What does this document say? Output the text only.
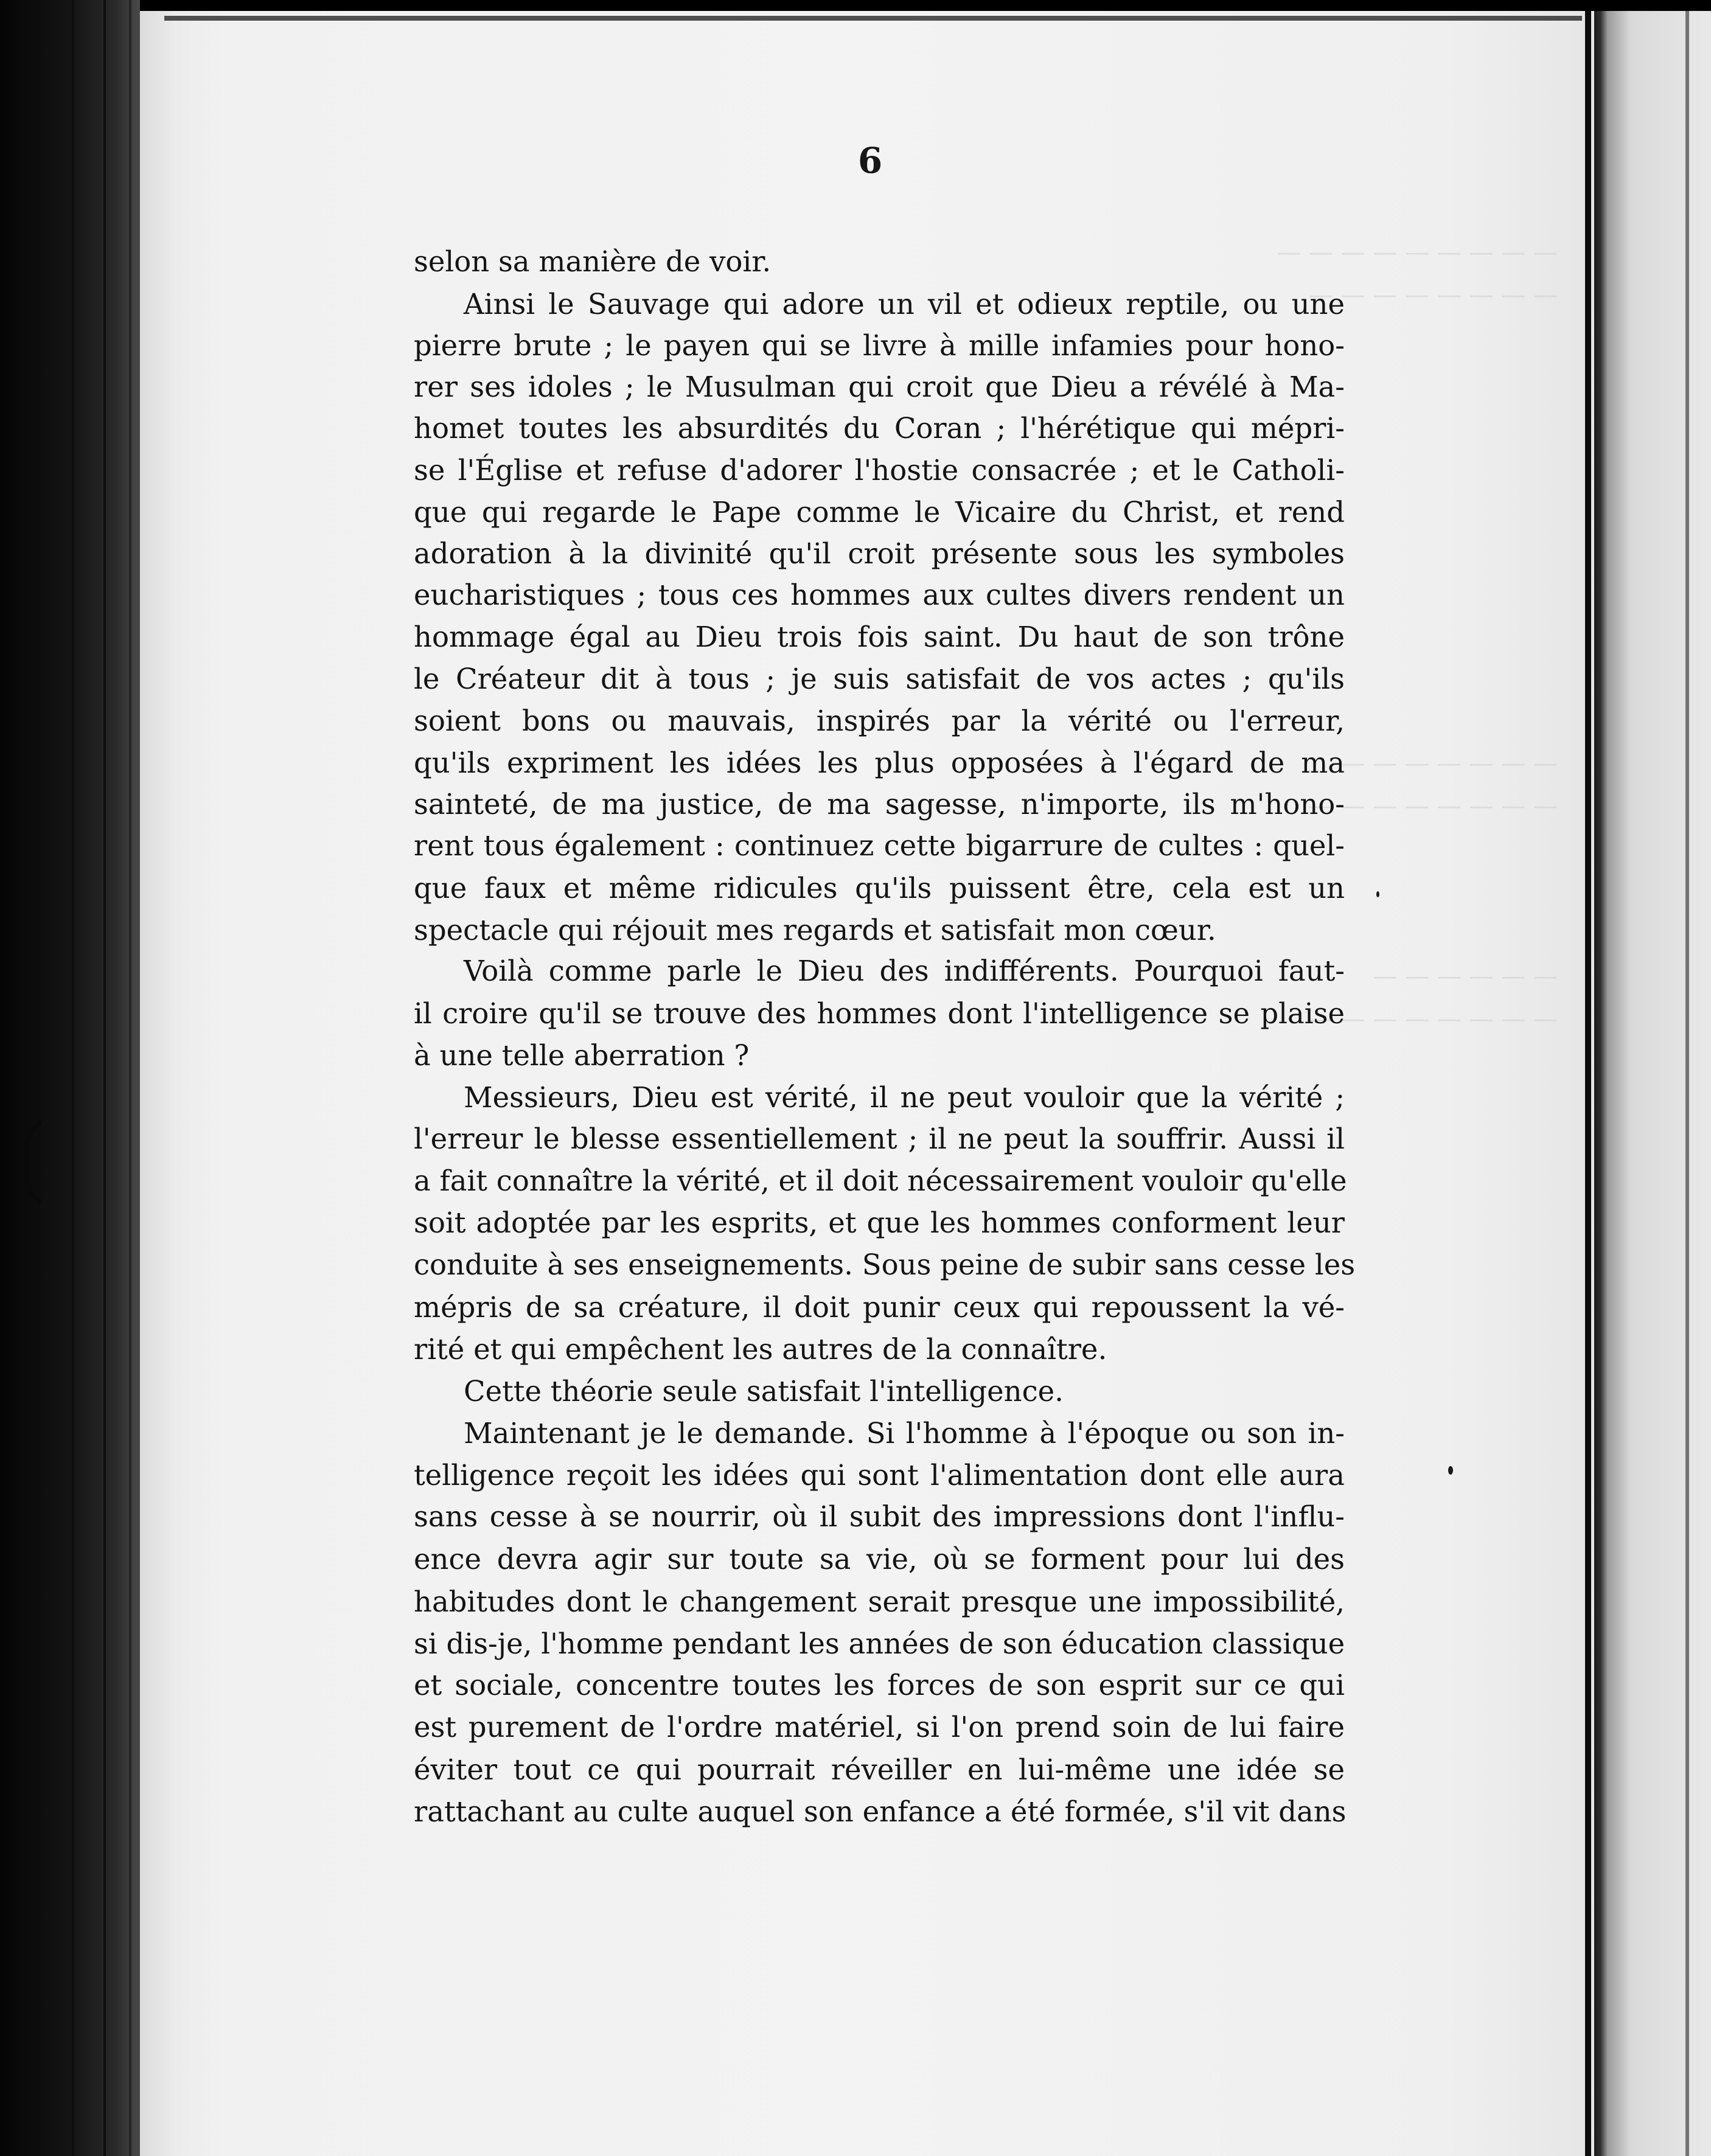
(
— — — — — — — — —
— — — — — — — —
— — — — — — —
— — — — — — — —
— — — — — —
— — — — — — — —
6
selon sa manière de voir.
Ainsi le Sauvage qui adore un vil et odieux reptile, ou une
pierre brute ; le payen qui se livre à mille infamies pour hono-
rer ses idoles ; le Musulman qui croit que Dieu a révélé à Ma-
homet toutes les absurdités du Coran ; l'hérétique qui mépri-
se l'Église et refuse d'adorer l'hostie consacrée ; et le Catholi-
que qui regarde le Pape comme le Vicaire du Christ, et rend
adoration à la divinité qu'il croit présente sous les symboles
eucharistiques ; tous ces hommes aux cultes divers rendent un
hommage égal au Dieu trois fois saint. Du haut de son trône
le Créateur dit à tous ; je suis satisfait de vos actes ; qu'ils
soient bons ou mauvais, inspirés par la vérité ou l'erreur,
qu'ils expriment les idées les plus opposées à l'égard de ma
sainteté, de ma justice, de ma sagesse, n'importe, ils m'hono-
rent tous également : continuez cette bigarrure de cultes : quel-
que faux et même ridicules qu'ils puissent être, cela est un
spectacle qui réjouit mes regards et satisfait mon cœur.
Voilà comme parle le Dieu des indifférents. Pourquoi faut-
il croire qu'il se trouve des hommes dont l'intelligence se plaise
à une telle aberration ?
Messieurs, Dieu est vérité, il ne peut vouloir que la vérité ;
l'erreur le blesse essentiellement ; il ne peut la souffrir. Aussi il
a fait connaître la vérité, et il doit nécessairement vouloir qu'elle
soit adoptée par les esprits, et que les hommes conforment leur
conduite à ses enseignements. Sous peine de subir sans cesse les
mépris de sa créature, il doit punir ceux qui repoussent la vé-
rité et qui empêchent les autres de la connaître.
Cette théorie seule satisfait l'intelligence.
Maintenant je le demande. Si l'homme à l'époque ou son in-
telligence reçoit les idées qui sont l'alimentation dont elle aura
sans cesse à se nourrir, où il subit des impressions dont l'influ-
ence devra agir sur toute sa vie, où se forment pour lui des
habitudes dont le changement serait presque une impossibilité,
si dis-je, l'homme pendant les années de son éducation classique
et sociale, concentre toutes les forces de son esprit sur ce qui
est purement de l'ordre matériel, si l'on prend soin de lui faire
éviter tout ce qui pourrait réveiller en lui-même une idée se
rattachant au culte auquel son enfance a été formée, s'il vit dans
